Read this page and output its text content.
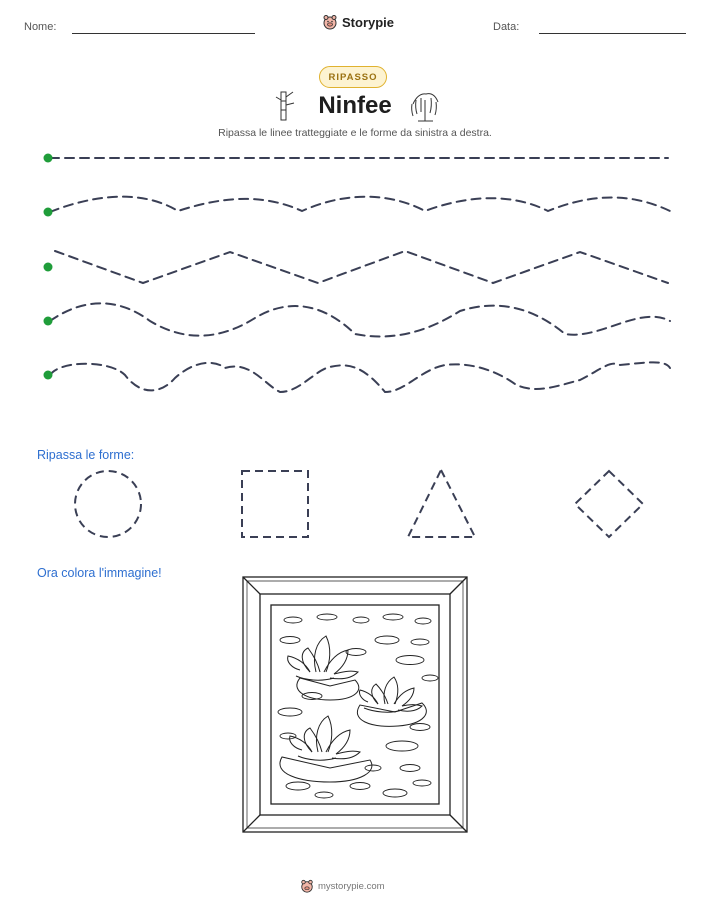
Nome:	Storypie	Data:
RIPASSO
Ninfee
Ripassa le linee tratteggiate e le forme da sinistra a destra.
Ripassa le forme:
Ora colora l'immagine!
mystorypie.com
